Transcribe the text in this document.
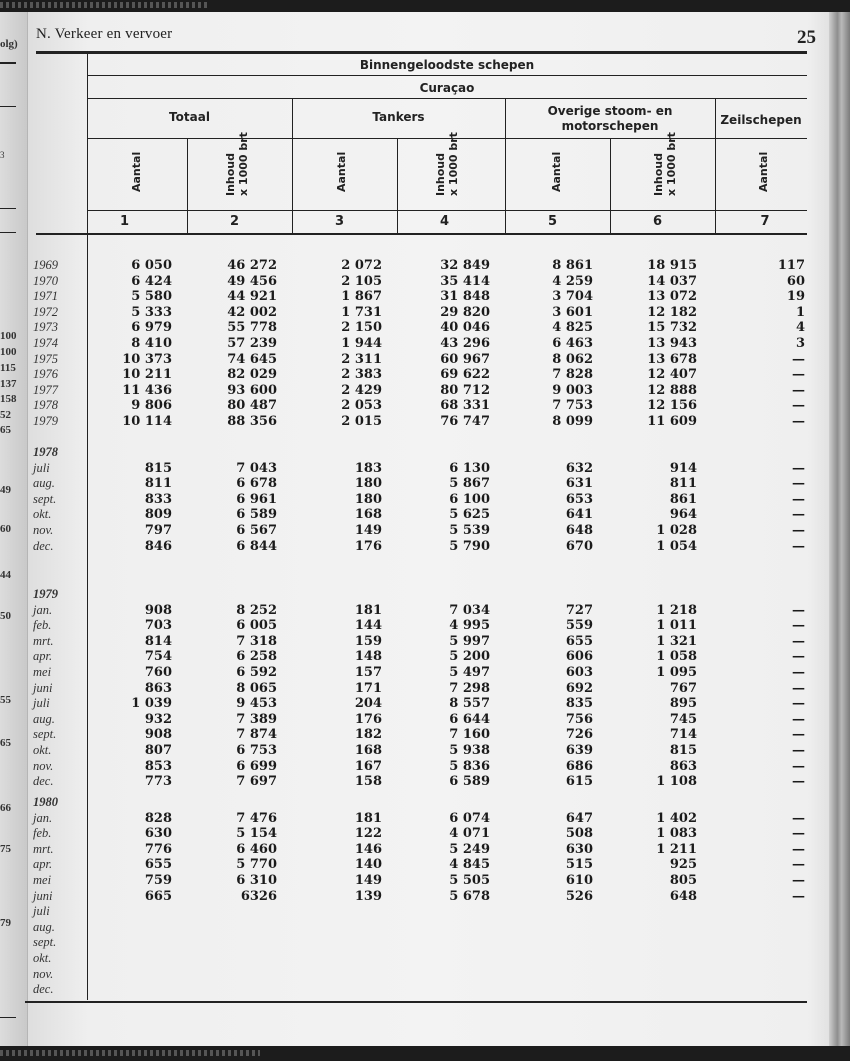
olg)
3
100
100
115
137
158
52
65
49
60
44
50
55
65
66
75
79
N. Verkeer en vervoer	25
Binnengeloodste schepen
Curaçao
Totaal	Tankers	Overige stoom- en motorschepen	Zeilschepen
Aantal	Inhoud
x 1000 brt	Aantal	Inhoud
x 1000 brt	Aantal	Inhoud
x 1000 brt	Aantal
1	2	3	4	5	6	7
1969	6 050	46 272	2 072	32 849	8 861	18 915	117
1970	6 424	49 456	2 105	35 414	4 259	14 037	60
1971	5 580	44 921	1 867	31 848	3 704	13 072	19
1972	5 333	42 002	1 731	29 820	3 601	12 182	1
1973	6 979	55 778	2 150	40 046	4 825	15 732	4
1974	8 410	57 239	1 944	43 296	6 463	13 943	3
1975	10 373	74 645	2 311	60 967	8 062	13 678	—
1976	10 211	82 029	2 383	69 622	7 828	12 407	—
1977	11 436	93 600	2 429	80 712	9 003	12 888	—
1978	9 806	80 487	2 053	68 331	7 753	12 156	—
1979	10 114	88 356	2 015	76 747	8 099	11 609	—
1978
juli	815	7 043	183	6 130	632	914	—
aug.	811	6 678	180	5 867	631	811	—
sept.	833	6 961	180	6 100	653	861	—
okt.	809	6 589	168	5 625	641	964	—
nov.	797	6 567	149	5 539	648	1 028	—
dec.	846	6 844	176	5 790	670	1 054	—
1979
jan.	908	8 252	181	7 034	727	1 218	—
feb.	703	6 005	144	4 995	559	1 011	—
mrt.	814	7 318	159	5 997	655	1 321	—
apr.	754	6 258	148	5 200	606	1 058	—
mei	760	6 592	157	5 497	603	1 095	—
juni	863	8 065	171	7 298	692	767	—
juli	1 039	9 453	204	8 557	835	895	—
aug.	932	7 389	176	6 644	756	745	—
sept.	908	7 874	182	7 160	726	714	—
okt.	807	6 753	168	5 938	639	815	—
nov.	853	6 699	167	5 836	686	863	—
dec.	773	7 697	158	6 589	615	1 108	—
1980
jan.	828	7 476	181	6 074	647	1 402	—
feb.	630	5 154	122	4 071	508	1 083	—
mrt.	776	6 460	146	5 249	630	1 211	—
apr.	655	5 770	140	4 845	515	925	—
mei	759	6 310	149	5 505	610	805	—
juni	665	6326	139	5 678	526	648	—
juli
aug.
sept.
okt.
nov.
dec.
